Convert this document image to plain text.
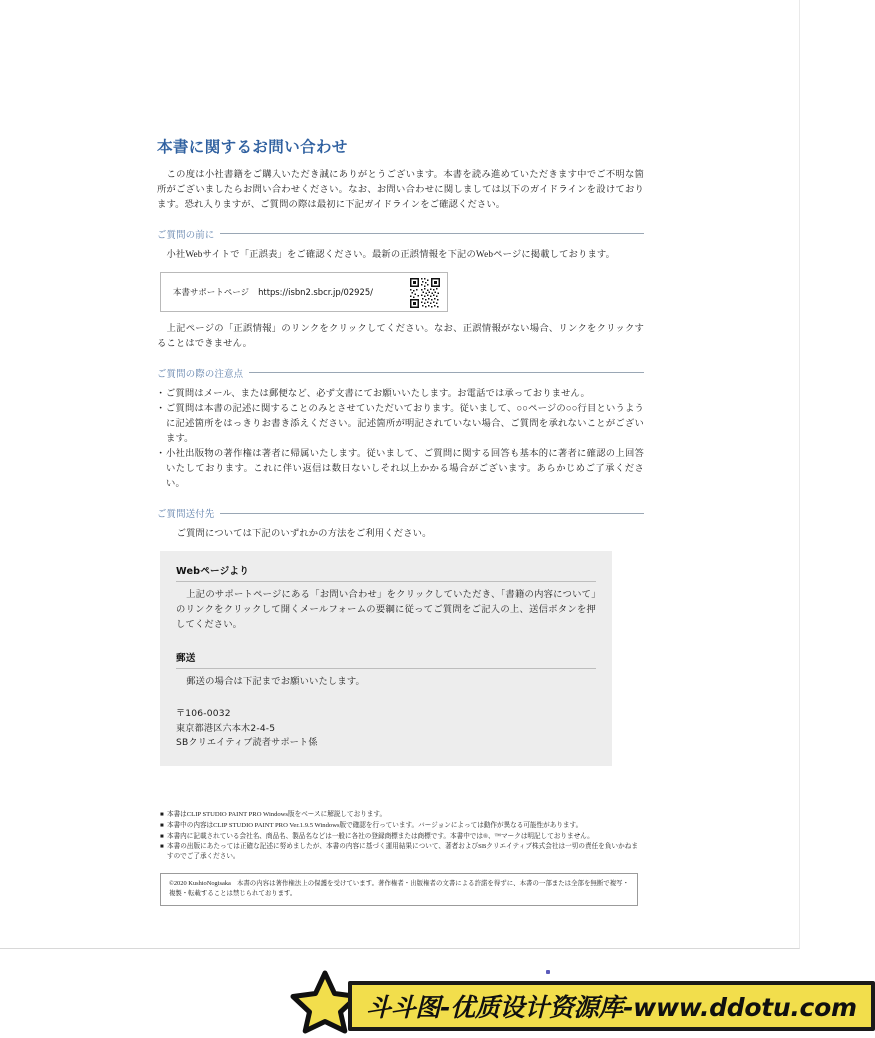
本書に関するお問い合わせ

　この度は小社書籍をご購入いただき誠にありがとうございます。本書を読み進めていただきます中でご不明な箇所がございましたらお問い合わせください。なお、お問い合わせに関しましては以下のガイドラインを設けております。恐れ入りますが、ご質問の際は最初に下記ガイドラインをご確認ください。

ご質問の前に

　小社Webサイトで「正誤表」をご確認ください。最新の正誤情報を下記のWebページに掲載しております。

本書サポートページ https://isbn2.sbcr.jp/02925/

　上記ページの「正誤情報」のリンクをクリックしてください。なお、正誤情報がない場合、リンクをクリックすることはできません。

ご質問の際の注意点
・ ご質問はメール、または郵便など、必ず文書にてお願いいたします。お電話では承っておりません。
・ ご質問は本書の記述に関することのみとさせていただいております。従いまして、○○ページの○○行目というように記述箇所をはっきりお書き添えください。記述箇所が明記されていない場合、ご質問を承れないことがございます。
・ 小社出版物の著作権は著者に帰属いたします。従いまして、ご質問に関する回答も基本的に著者に確認の上回答いたしております。これに伴い返信は数日ないしそれ以上かかる場合がございます。あらかじめご了承ください。
ご質問送付先

　ご質問については下記のいずれかの方法をご利用ください。

Webページより

上記のサポートページにある「お問い合わせ」をクリックしていただき、「書籍の内容について」のリンクをクリックして開くメールフォームの要綱に従ってご質問をご記入の上、送信ボタンを押してください。

郵送

郵送の場合は下記までお願いいたします。

〒106-0032
東京都港区六本木2-4-5
SBクリエイティブ読者サポート係

■ 本書はCLIP STUDIO PAINT PRO Windows版をベースに解説しております。

■ 本書中の内容はCLIP STUDIO PAINT PRO Ver.1.9.5 Windows版で確認を行っています。バージョンによっては動作が異なる可能性があります。

■ 本書内に記載されている会社名、商品名、製品名などは一般に各社の登録商標または商標です。本書中では®、™マークは明記しておりません。

■ 本書の出版にあたっては正確な記述に努めましたが、本書の内容に基づく運用結果について、著者およびSBクリエイティブ株式会社は一切の責任を負いかねますのでご了承ください。

©2020 KushioNogisaka 本書の内容は著作権法上の保護を受けています。著作権者・出版権者の文書による許諾を得ずに、本書の一部または全部を無断で複写・複製・転載することは禁じられております。

斗斗图-优质设计资源库-www.ddotu.com
